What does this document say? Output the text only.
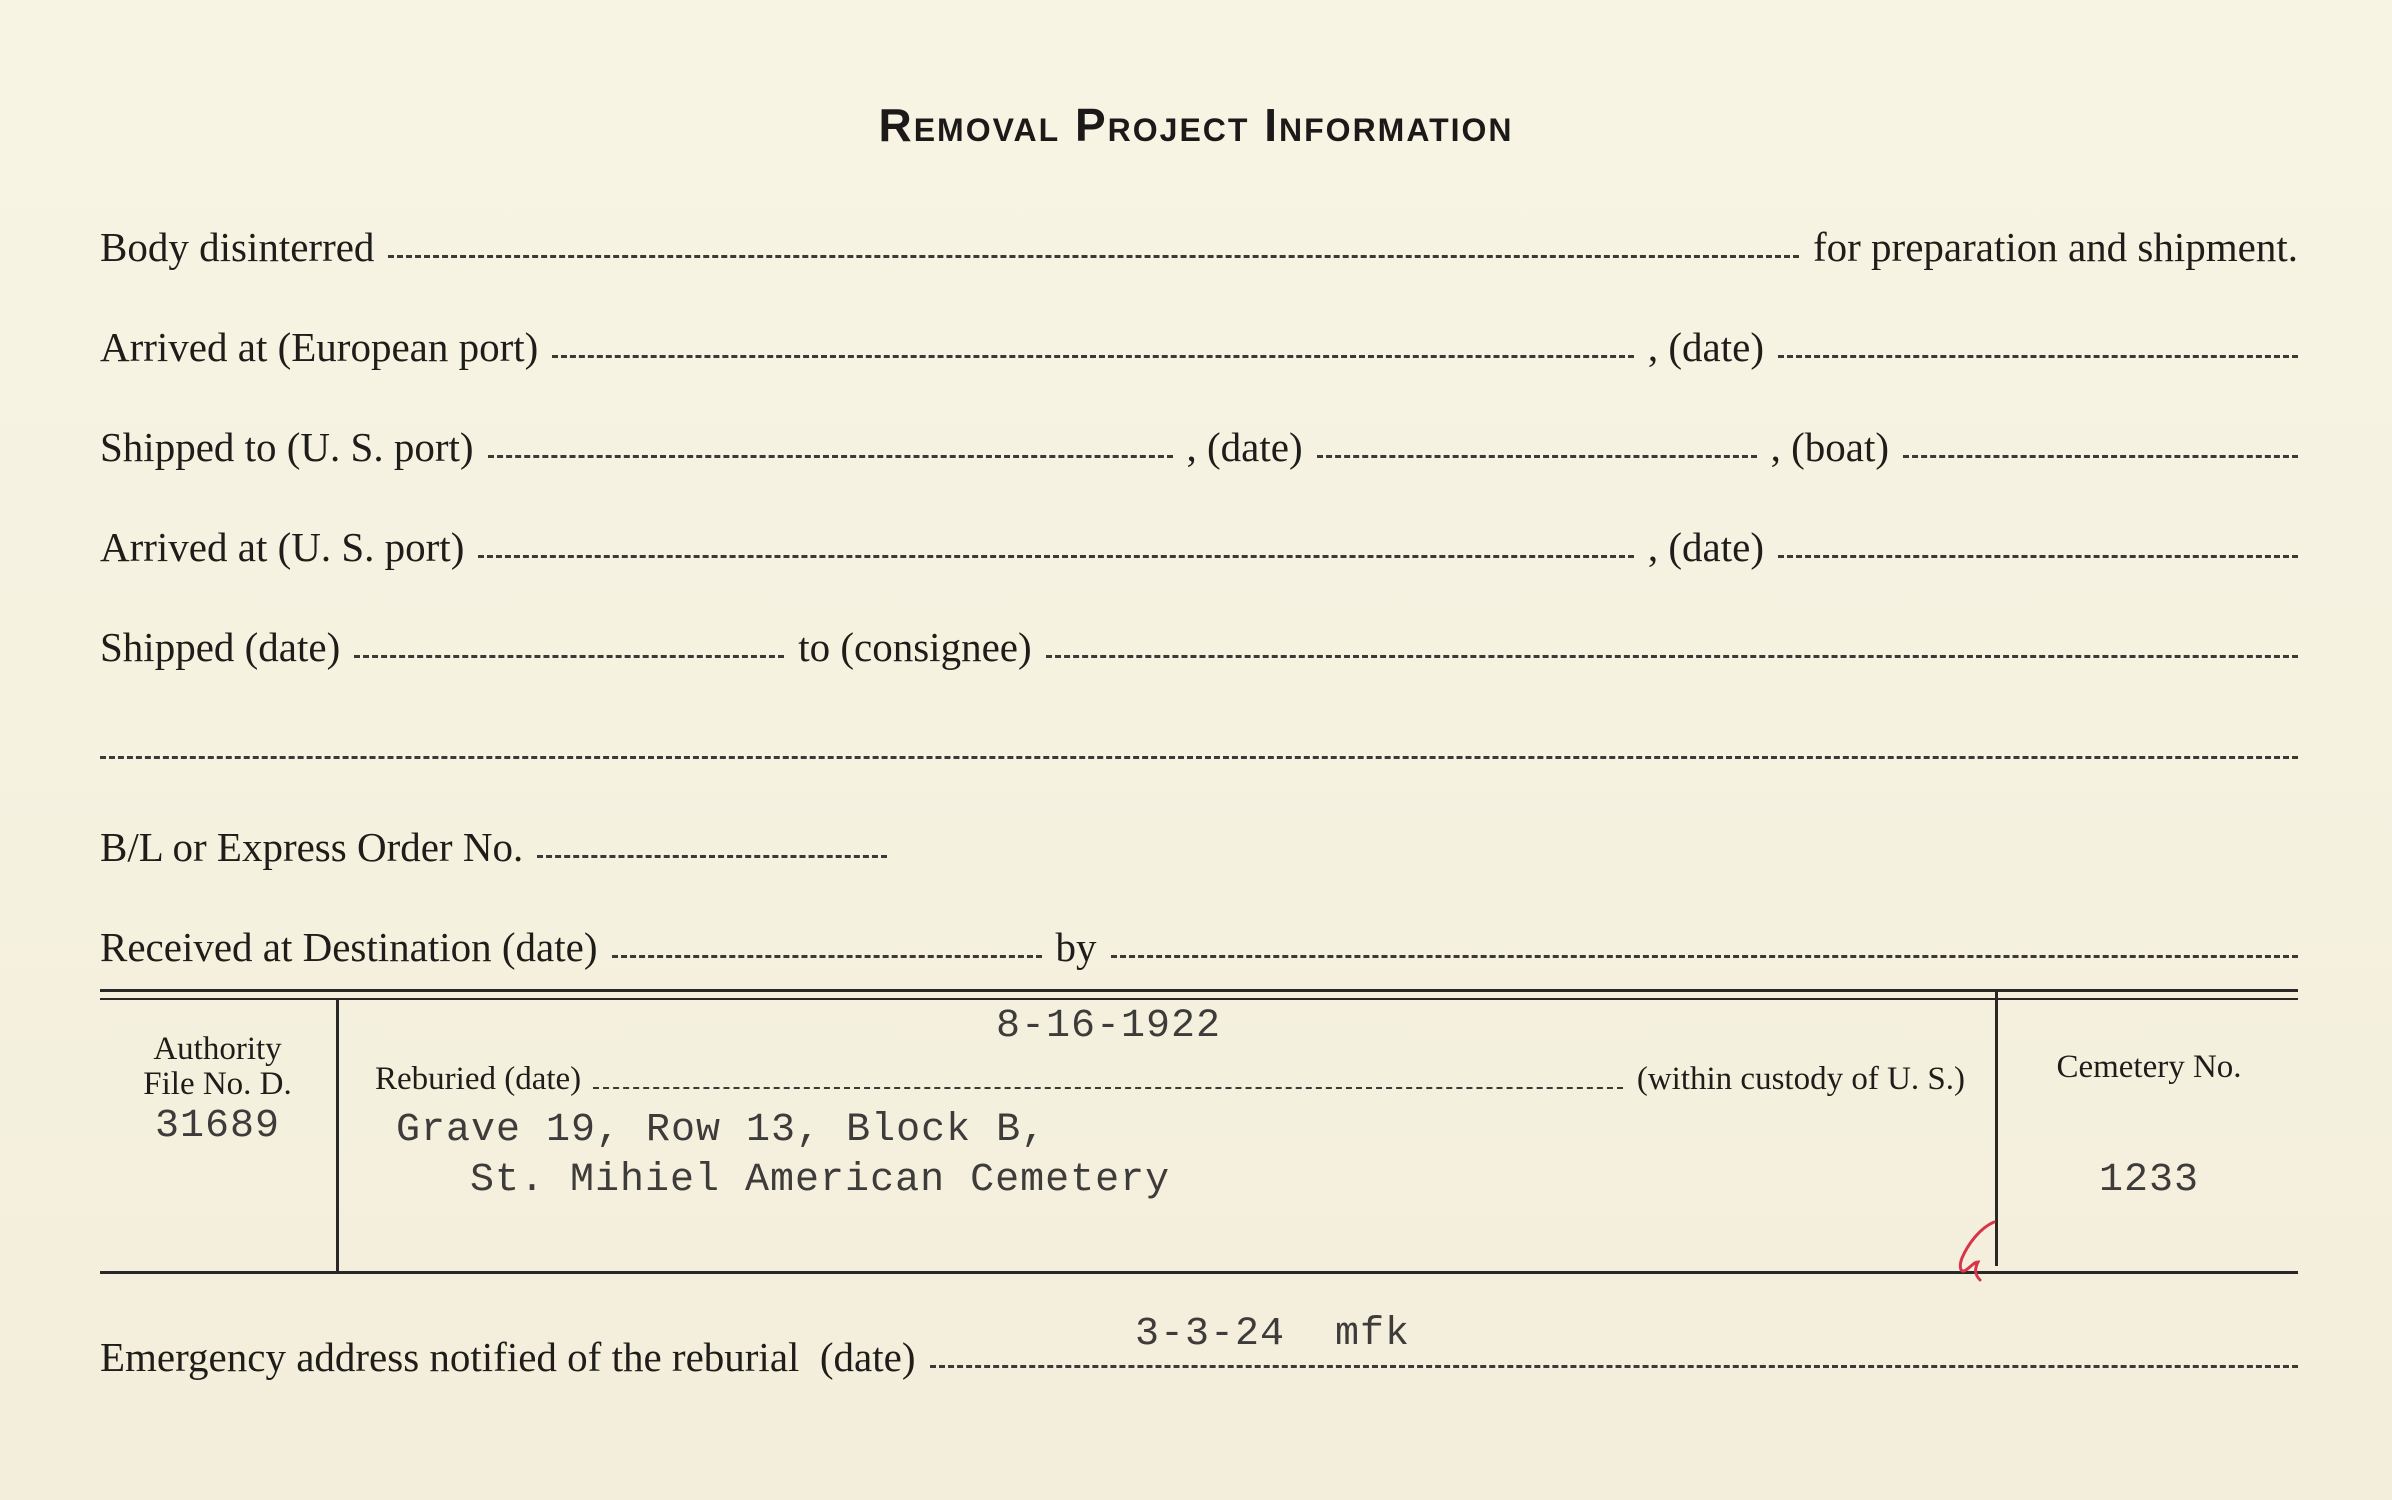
Removal Project Information
Body disinterred	for preparation and shipment.
Arrived at (European port)	, (date)
Shipped to (U. S. port)	, (date)	, (boat)
Arrived at (U. S. port)	, (date)
Shipped (date)	to (consignee)
B/L or Express Order No.
Received at Destination (date)	by
Authority
File No. D.
31689
8-16-1922
Reburied (date)	(within custody of U. S.)
Grave 19, Row 13, Block B,
St. Mihiel American Cemetery
Cemetery No.
1233
Emergency address notified of the reburial  (date)	3-3-24 mfk
